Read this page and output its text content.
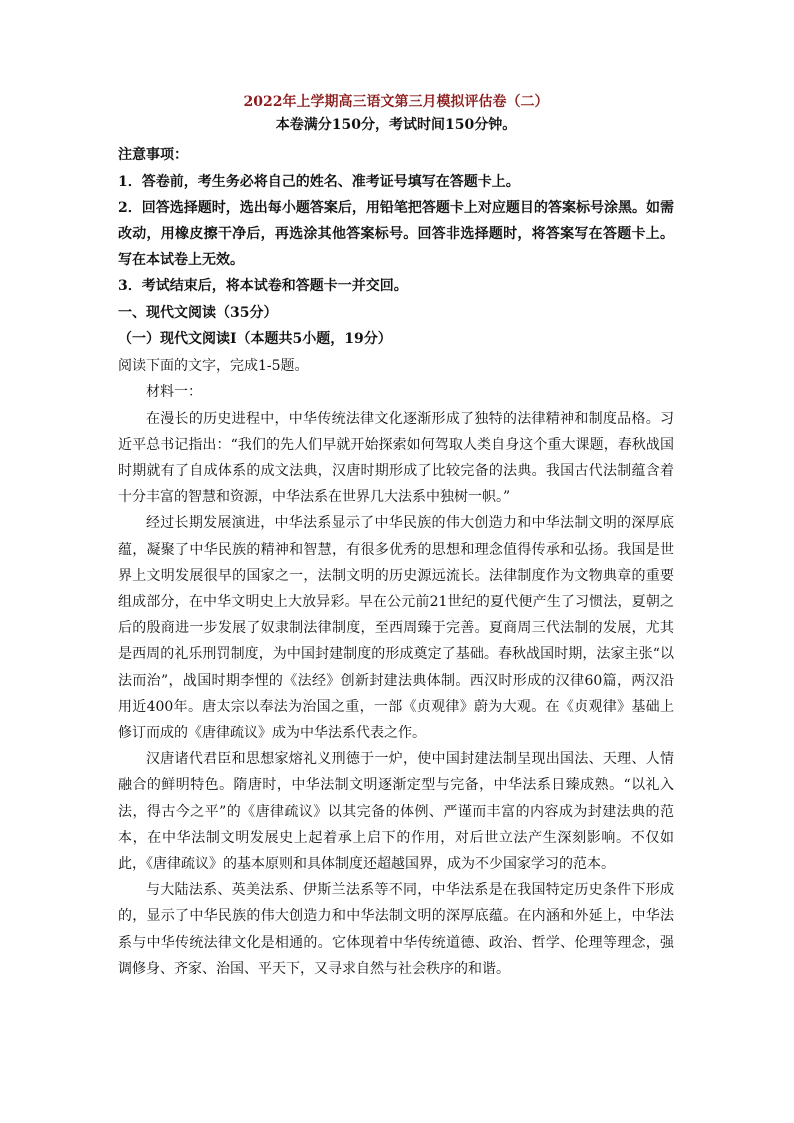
2022年上学期高三语文第三月模拟评估卷（二）

本卷满分150分，考试时间150分钟。

注意事项：

1．答卷前，考生务必将自己的姓名、准考证号填写在答题卡上。

2．回答选择题时，选出每小题答案后，用铅笔把答题卡上对应题目的答案标号涂黑。如需改动，用橡皮擦干净后，再选涂其他答案标号。回答非选择题时，将答案写在答题卡上。写在本试卷上无效。

3．考试结束后，将本试卷和答题卡一并交回。

一、现代文阅读（35分）

（一）现代文阅读Ⅰ（本题共5小题，19分）

阅读下面的文字，完成1-5题。

材料一：

在漫长的历史进程中，中华传统法律文化逐渐形成了独特的法律精神和制度品格。习近平总书记指出：“我们的先人们早就开始探索如何驾取人类自身这个重大课题，春秋战国时期就有了自成体系的成文法典，汉唐时期形成了比较完备的法典。我国古代法制蕴含着十分丰富的智慧和资源，中华法系在世界几大法系中独树一帜。”

经过长期发展演进，中华法系显示了中华民族的伟大创造力和中华法制文明的深厚底蕴，凝聚了中华民族的精神和智慧，有很多优秀的思想和理念值得传承和弘扬。我国是世界上文明发展很早的国家之一，法制文明的历史源远流长。法律制度作为文物典章的重要组成部分，在中华文明史上大放异彩。早在公元前21世纪的夏代便产生了习惯法，夏朝之后的殷商进一步发展了奴隶制法律制度，至西周臻于完善。夏商周三代法制的发展，尤其是西周的礼乐刑罚制度，为中国封建制度的形成奠定了基础。春秋战国时期，法家主张“以法而治”，战国时期李悝的《法经》创新封建法典体制。西汉时形成的汉律60篇，两汉沿用近400年。唐太宗以奉法为治国之重，一部《贞观律》蔚为大观。在《贞观律》基础上修订而成的《唐律疏议》成为中华法系代表之作。

汉唐诸代君臣和思想家熔礼义刑德于一炉，使中国封建法制呈现出国法、天理、人情融合的鲜明特色。隋唐时，中华法制文明逐渐定型与完备，中华法系日臻成熟。“以礼入法，得古今之平”的《唐律疏议》以其完备的体例、严谨而丰富的内容成为封建法典的范本，在中华法制文明发展史上起着承上启下的作用，对后世立法产生深刻影响。不仅如此，《唐律疏议》的基本原则和具体制度还超越国界，成为不少国家学习的范本。

与大陆法系、英美法系、伊斯兰法系等不同，中华法系是在我国特定历史条件下形成的，显示了中华民族的伟大创造力和中华法制文明的深厚底蕴。在内涵和外延上，中华法系与中华传统法律文化是相通的。它体现着中华传统道德、政治、哲学、伦理等理念，强调修身、齐家、治国、平天下，又寻求自然与社会秩序的和谐。
